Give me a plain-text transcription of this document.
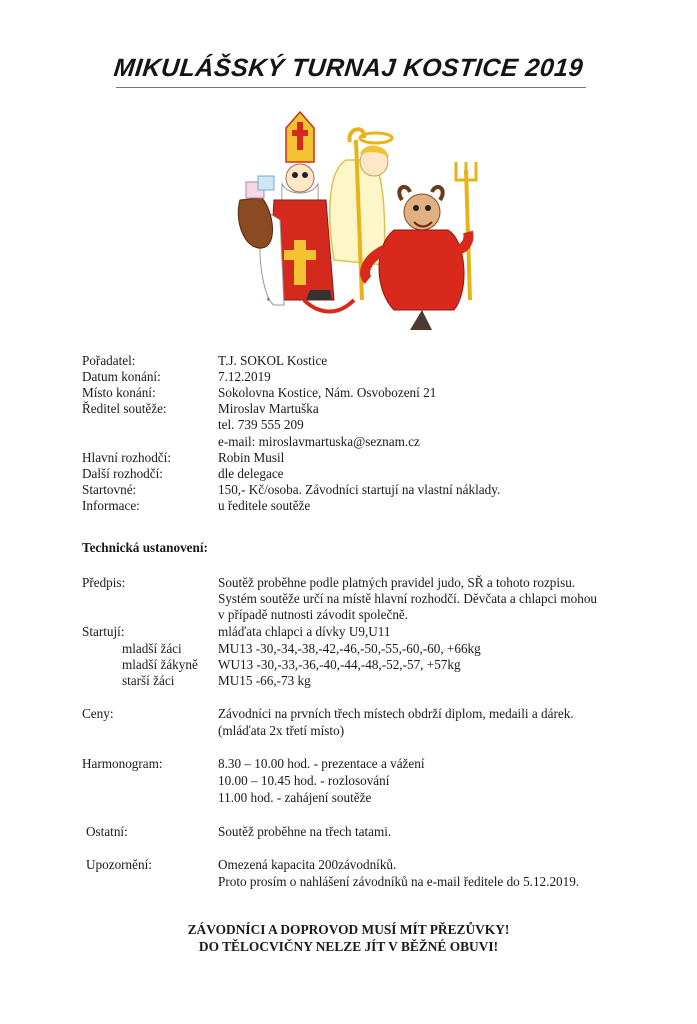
MIKULÁŠSKÝ TURNAJ KOSTICE 2019
Pořadatel:	T.J. SOKOL Kostice
Datum konání:	7.12.2019
Místo konání:	Sokolovna Kostice, Nám. Osvobození 21
Ředitel soutěže:	Miroslav Martuška
tel. 739 555 209
e-mail: miroslavmartuska@seznam.cz
Hlavní rozhodčí:	Robin Musil
Další rozhodčí:	dle delegace
Startovné:	150,- Kč/osoba. Závodníci startují na vlastní náklady.
Informace:	u ředitele soutěže
Technická ustanovení:
Předpis:	Soutěž proběhne podle platných pravidel judo, SŘ a tohoto rozpisu.
Systém soutěže určí na místě hlavní rozhodčí. Děvčata a chlapci mohou
v případě nutnosti závodit společně.
Startují:	mláďata chlapci a dívky U9,U11
mladší žáci	MU13 -30,-34,-38,-42,-46,-50,-55,-60,-60, +66kg
mladší žákyně WU13 -30,-33,-36,-40,-44,-48,-52,-57, +57kg
starší žáci	MU15 -66,-73 kg
Ceny:	Závodníci na prvních třech místech obdrží diplom, medaili a dárek.
(mláďata 2x třetí místo)
Harmonogram:	8.30 – 10.00 hod. - prezentace a vážení
10.00 – 10.45 hod. - rozlosování
11.00 hod. - zahájení soutěže
Ostatní:	Soutěž proběhne na třech tatami.
Upozornění:	Omezená kapacita 200závodníků.
Proto prosím o nahlášení závodníků na e-mail ředitele do 5.12.2019.
ZÁVODNÍCI A DOPROVOD MUSÍ MÍT PŘEZŮVKY!
DO TĚLOCVIČNY NELZE JÍT V BĚŽNÉ OBUVI!
